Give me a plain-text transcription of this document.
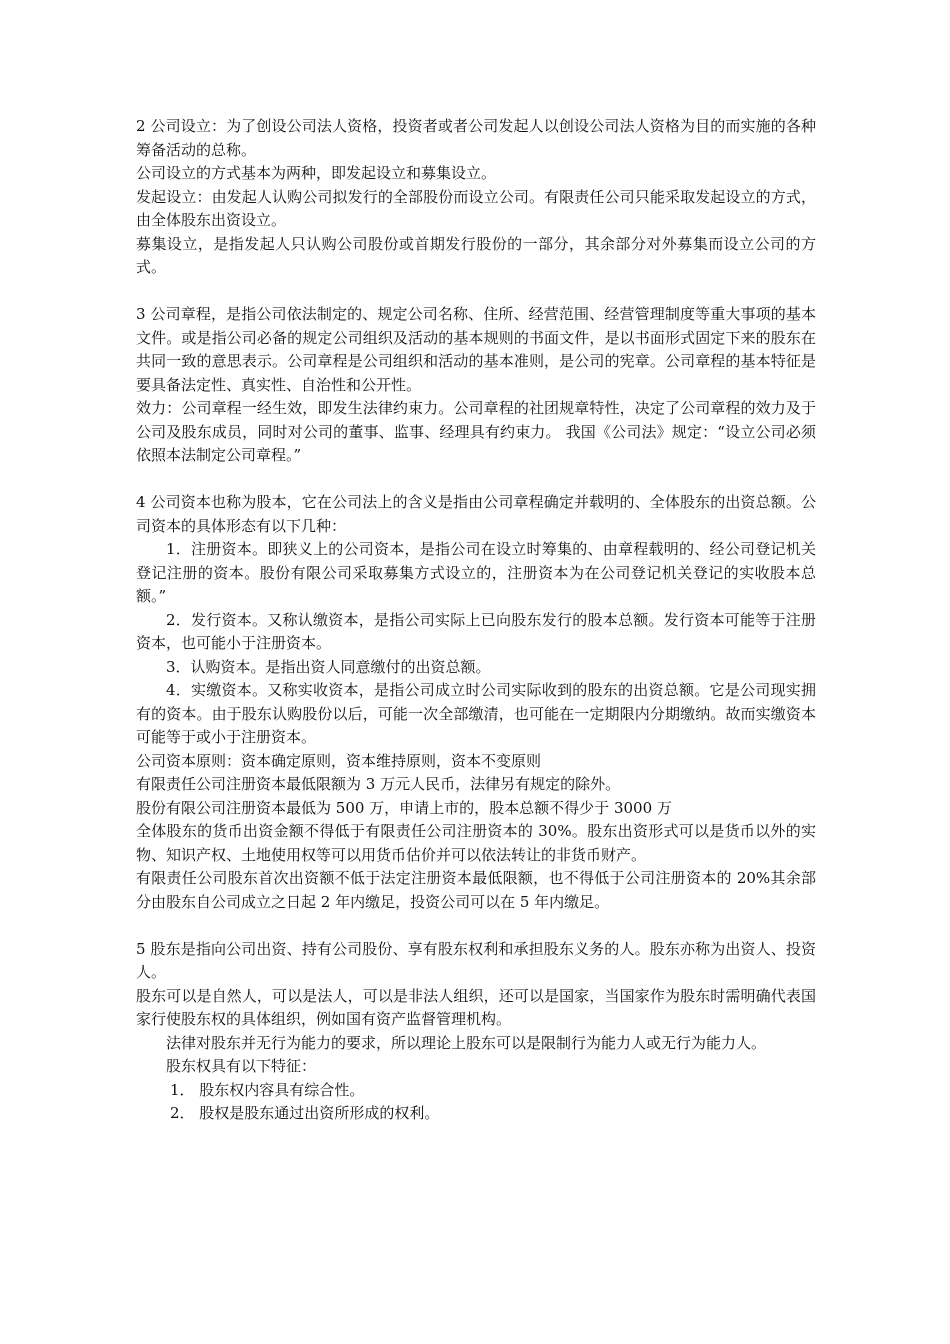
2 公司设立：为了创设公司法人资格，投资者或者公司发起人以创设公司法人资格为目的而实施的各种筹备活动的总称。

公司设立的方式基本为两种，即发起设立和募集设立。

发起设立：由发起人认购公司拟发行的全部股份而设立公司。有限责任公司只能采取发起设立的方式，由全体股东出资设立。

募集设立，是指发起人只认购公司股份或首期发行股份的一部分，其余部分对外募集而设立公司的方式。

3 公司章程，是指公司依法制定的、规定公司名称、住所、经营范围、经营管理制度等重大事项的基本文件。或是指公司必备的规定公司组织及活动的基本规则的书面文件，是以书面形式固定下来的股东在共同一致的意思表示。公司章程是公司组织和活动的基本准则，是公司的宪章。公司章程的基本特征是要具备法定性、真实性、自治性和公开性。

效力：公司章程一经生效，即发生法律约束力。公司章程的社团规章特性，决定了公司章程的效力及于公司及股东成员，同时对公司的董事、监事、经理具有约束力。 我国《公司法》规定：“设立公司必须依照本法制定公司章程。”

4 公司资本也称为股本，它在公司法上的含义是指由公司章程确定并载明的、全体股东的出资总额。公司资本的具体形态有以下几种：

1．注册资本。即狭义上的公司资本，是指公司在设立时筹集的、由章程载明的、经公司登记机关登记注册的资本。股份有限公司采取募集方式设立的，注册资本为在公司登记机关登记的实收股本总额。”

2．发行资本。又称认缴资本，是指公司实际上已向股东发行的股本总额。发行资本可能等于注册资本，也可能小于注册资本。

3．认购资本。是指出资人同意缴付的出资总额。

4．实缴资本。又称实收资本，是指公司成立时公司实际收到的股东的出资总额。它是公司现实拥有的资本。由于股东认购股份以后，可能一次全部缴清，也可能在一定期限内分期缴纳。故而实缴资本可能等于或小于注册资本。

公司资本原则：资本确定原则，资本维持原则，资本不变原则

有限责任公司注册资本最低限额为 3 万元人民币，法律另有规定的除外。

股份有限公司注册资本最低为 500 万，申请上市的，股本总额不得少于 3000 万

全体股东的货币出资金额不得低于有限责任公司注册资本的 30%。股东出资形式可以是货币以外的实物、知识产权、土地使用权等可以用货币估价并可以依法转让的非货币财产。

有限责任公司股东首次出资额不低于法定注册资本最低限额，也不得低于公司注册资本的 20%其余部分由股东自公司成立之日起 2 年内缴足，投资公司可以在 5 年内缴足。

5 股东是指向公司出资、持有公司股份、享有股东权利和承担股东义务的人。股东亦称为出资人、投资人。

股东可以是自然人，可以是法人，可以是非法人组织，还可以是国家，当国家作为股东时需明确代表国家行使股东权的具体组织，例如国有资产监督管理机构。

法律对股东并无行为能力的要求，所以理论上股东可以是限制行为能力人或无行为能力人。

股东权具有以下特征：

1． 股东权内容具有综合性。

2． 股权是股东通过出资所形成的权利。
